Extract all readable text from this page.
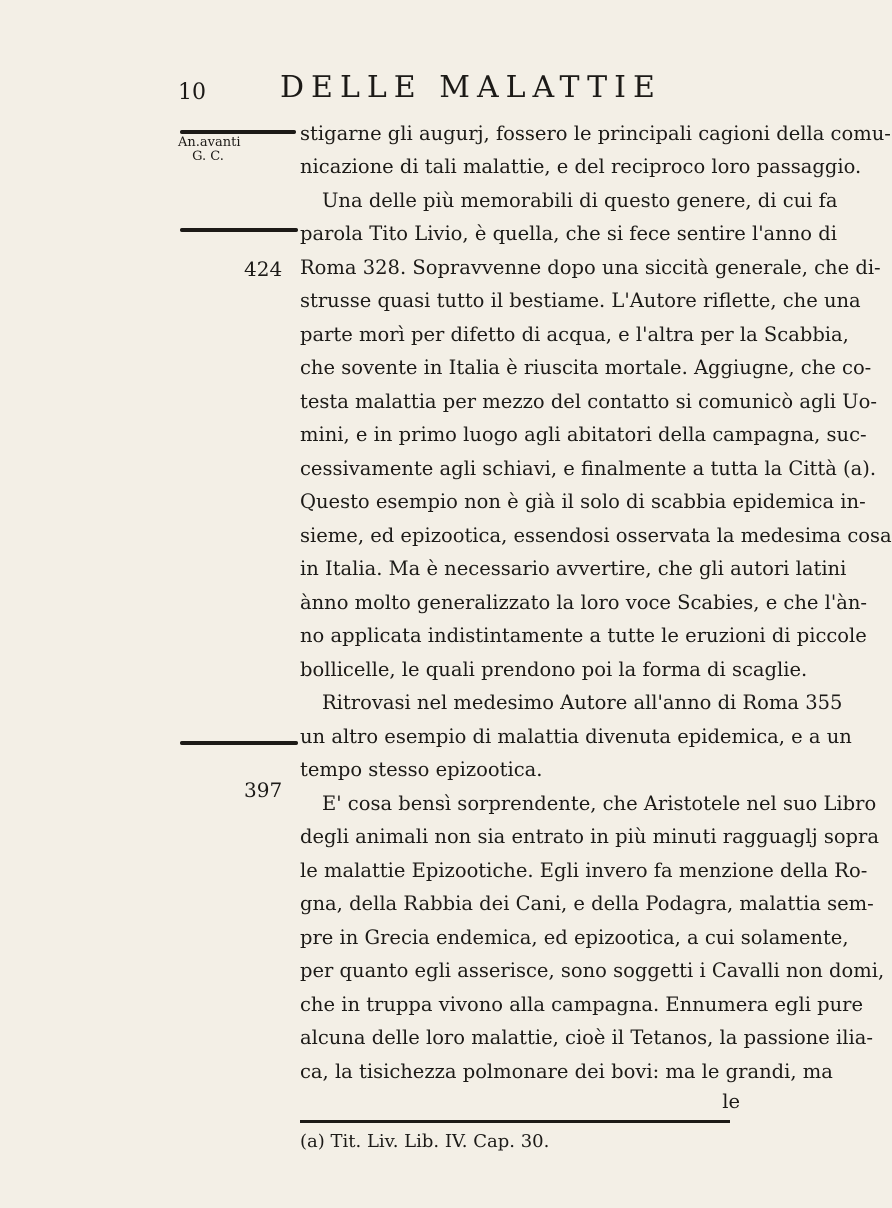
10 DELLE MALATTIE
An.avanti
G. C.
424
397
stigarne gli augurj, fossero le principali cagioni della comu-
nicazione di tali malattie, e del reciproco loro passaggio.
Una delle più memorabili di questo genere, di cui fa
parola Tito Livio, è quella, che si fece sentire l'anno di
Roma 328. Sopravvenne dopo una siccità generale, che di-
strusse quasi tutto il bestiame. L'Autore riflette, che una
parte morì per difetto di acqua, e l'altra per la Scabbia,
che sovente in Italia è riuscita mortale. Aggiugne, che co-
testa malattia per mezzo del contatto si comunicò agli Uo-
mini, e in primo luogo agli abitatori della campagna, suc-
cessivamente agli schiavi, e finalmente a tutta la Città (a).
Questo esempio non è già il solo di scabbia epidemica in-
sieme, ed epizootica, essendosi osservata la medesima cosa
in Italia. Ma è necessario avvertire, che gli autori latini
ànno molto generalizzato la loro voce Scabies, e che l'àn-
no applicata indistintamente a tutte le eruzioni di piccole
bollicelle, le quali prendono poi la forma di scaglie.
Ritrovasi nel medesimo Autore all'anno di Roma 355
un altro esempio di malattia divenuta epidemica, e a un
tempo stesso epizootica.
E' cosa bensì sorprendente, che Aristotele nel suo Libro
degli animali non sia entrato in più minuti ragguaglj sopra
le malattie Epizootiche. Egli invero fa menzione della Ro-
gna, della Rabbia dei Cani, e della Podagra, malattia sem-
pre in Grecia endemica, ed epizootica, a cui solamente,
per quanto egli asserisce, sono soggetti i Cavalli non domi,
che in truppa vivono alla campagna. Ennumera egli pure
alcuna delle loro malattie, cioè il Tetanos, la passione ilia-
ca, la tisichezza polmonare dei bovi: ma le grandi, ma
le
(a) Tit. Liv. Lib. IV. Cap. 30.
